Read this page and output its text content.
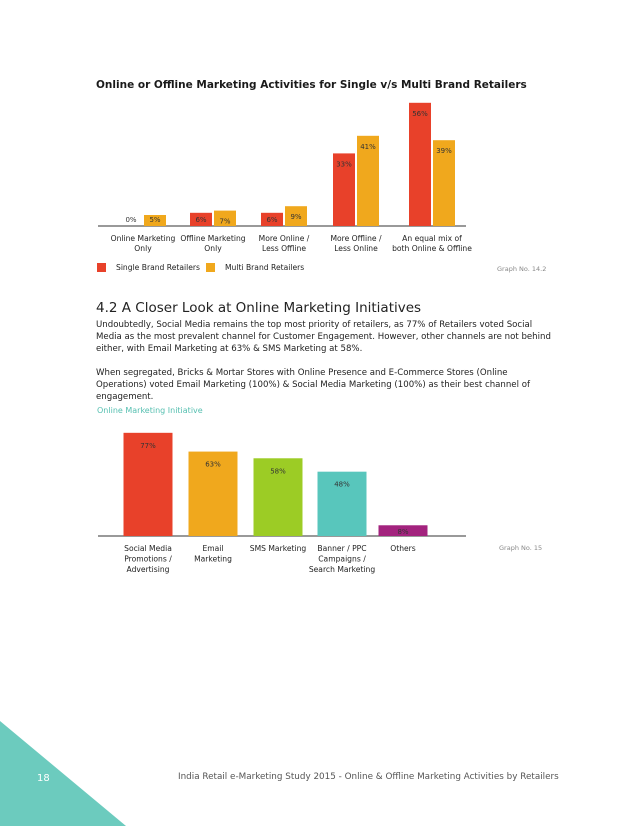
Online or Offline Marketing Activities for Single v/s Multi Brand Retailers
0%	6%	6%
33%
56%
5%	7%
9%
41%
39%
Online Marketing
Only
Offline Marketing
Only
More Online /
Less Offline
More Offline /
Less Online
An equal mix of
both Online & Offline
Single Brand Retailers	Multi Brand Retailers	Graph No. 14.2
4.2 A Closer Look at Online Marketing Initiatives

Undoubtedly, Social Media remains the top most priority of retailers, as 77% of Retailers voted Social Media as the most prevalent channel for Customer Engagement. However, other channels are not behind either, with Email Marketing at 63% & SMS Marketing at 58%.

When segregated, Bricks & Mortar Stores with Online Presence and E-Commerce Stores (Online Operations) voted Email Marketing (100%) & Social Media Marketing (100%) as their best channel of engagement.

Online Marketing Initiative

77%
63%
58%
48%
8%
Social Media
Promotions /
Advertising
Email
Marketing
SMS Marketing Banner / PPC
Campaigns /
Search Marketing
Others	Graph No. 15
18	India Retail e-Marketing Study 2015 - Online & Offline Marketing Activities by Retailers
